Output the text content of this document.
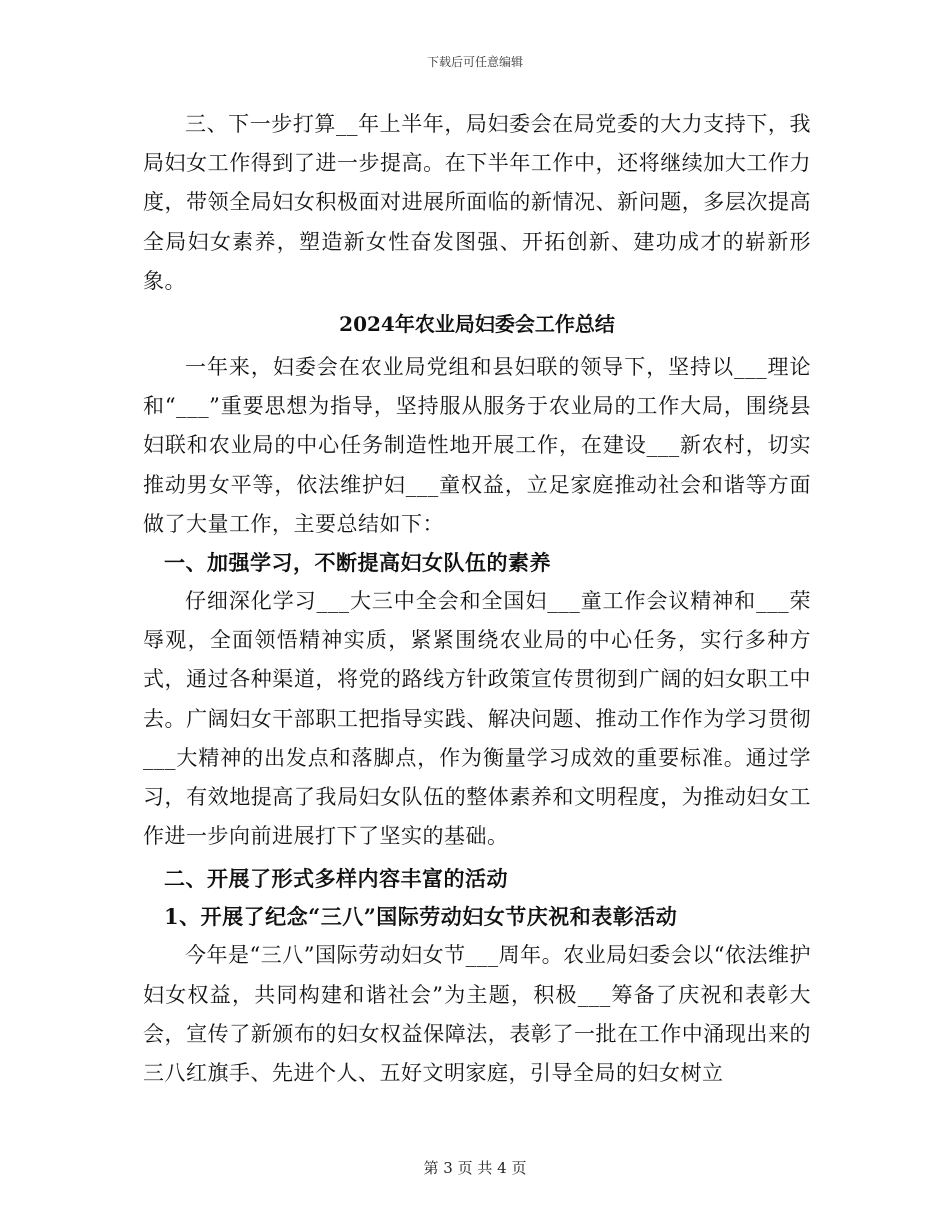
下载后可任意编辑

三、下一步打算__年上半年，局妇委会在局党委的大力支持下，我局妇女工作得到了进一步提高。在下半年工作中，还将继续加大工作力度，带领全局妇女积极面对进展所面临的新情况、新问题，多层次提高全局妇女素养，塑造新女性奋发图强、开拓创新、建功成才的崭新形象。

2024年农业局妇委会工作总结

一年来，妇委会在农业局党组和县妇联的领导下，坚持以___理论和“___”重要思想为指导，坚持服从服务于农业局的工作大局，围绕县妇联和农业局的中心任务制造性地开展工作，在建设___新农村，切实推动男女平等，依法维护妇___童权益，立足家庭推动社会和谐等方面做了大量工作，主要总结如下：

一、加强学习，不断提高妇女队伍的素养

仔细深化学习___大三中全会和全国妇___童工作会议精神和___荣辱观，全面领悟精神实质，紧紧围绕农业局的中心任务，实行多种方式，通过各种渠道，将党的路线方针政策宣传贯彻到广阔的妇女职工中去。广阔妇女干部职工把指导实践、解决问题、推动工作作为学习贯彻___大精神的出发点和落脚点，作为衡量学习成效的重要标准。通过学习，有效地提高了我局妇女队伍的整体素养和文明程度，为推动妇女工作进一步向前进展打下了坚实的基础。

二、开展了形式多样内容丰富的活动
1、开展了纪念“三八”国际劳动妇女节庆祝和表彰活动

今年是“三八”国际劳动妇女节___周年。农业局妇委会以“依法维护妇女权益，共同构建和谐社会”为主题，积极___筹备了庆祝和表彰大会，宣传了新颁布的妇女权益保障法，表彰了一批在工作中涌现出来的三八红旗手、先进个人、五好文明家庭，引导全局的妇女树立

第 3 页 共 4 页
